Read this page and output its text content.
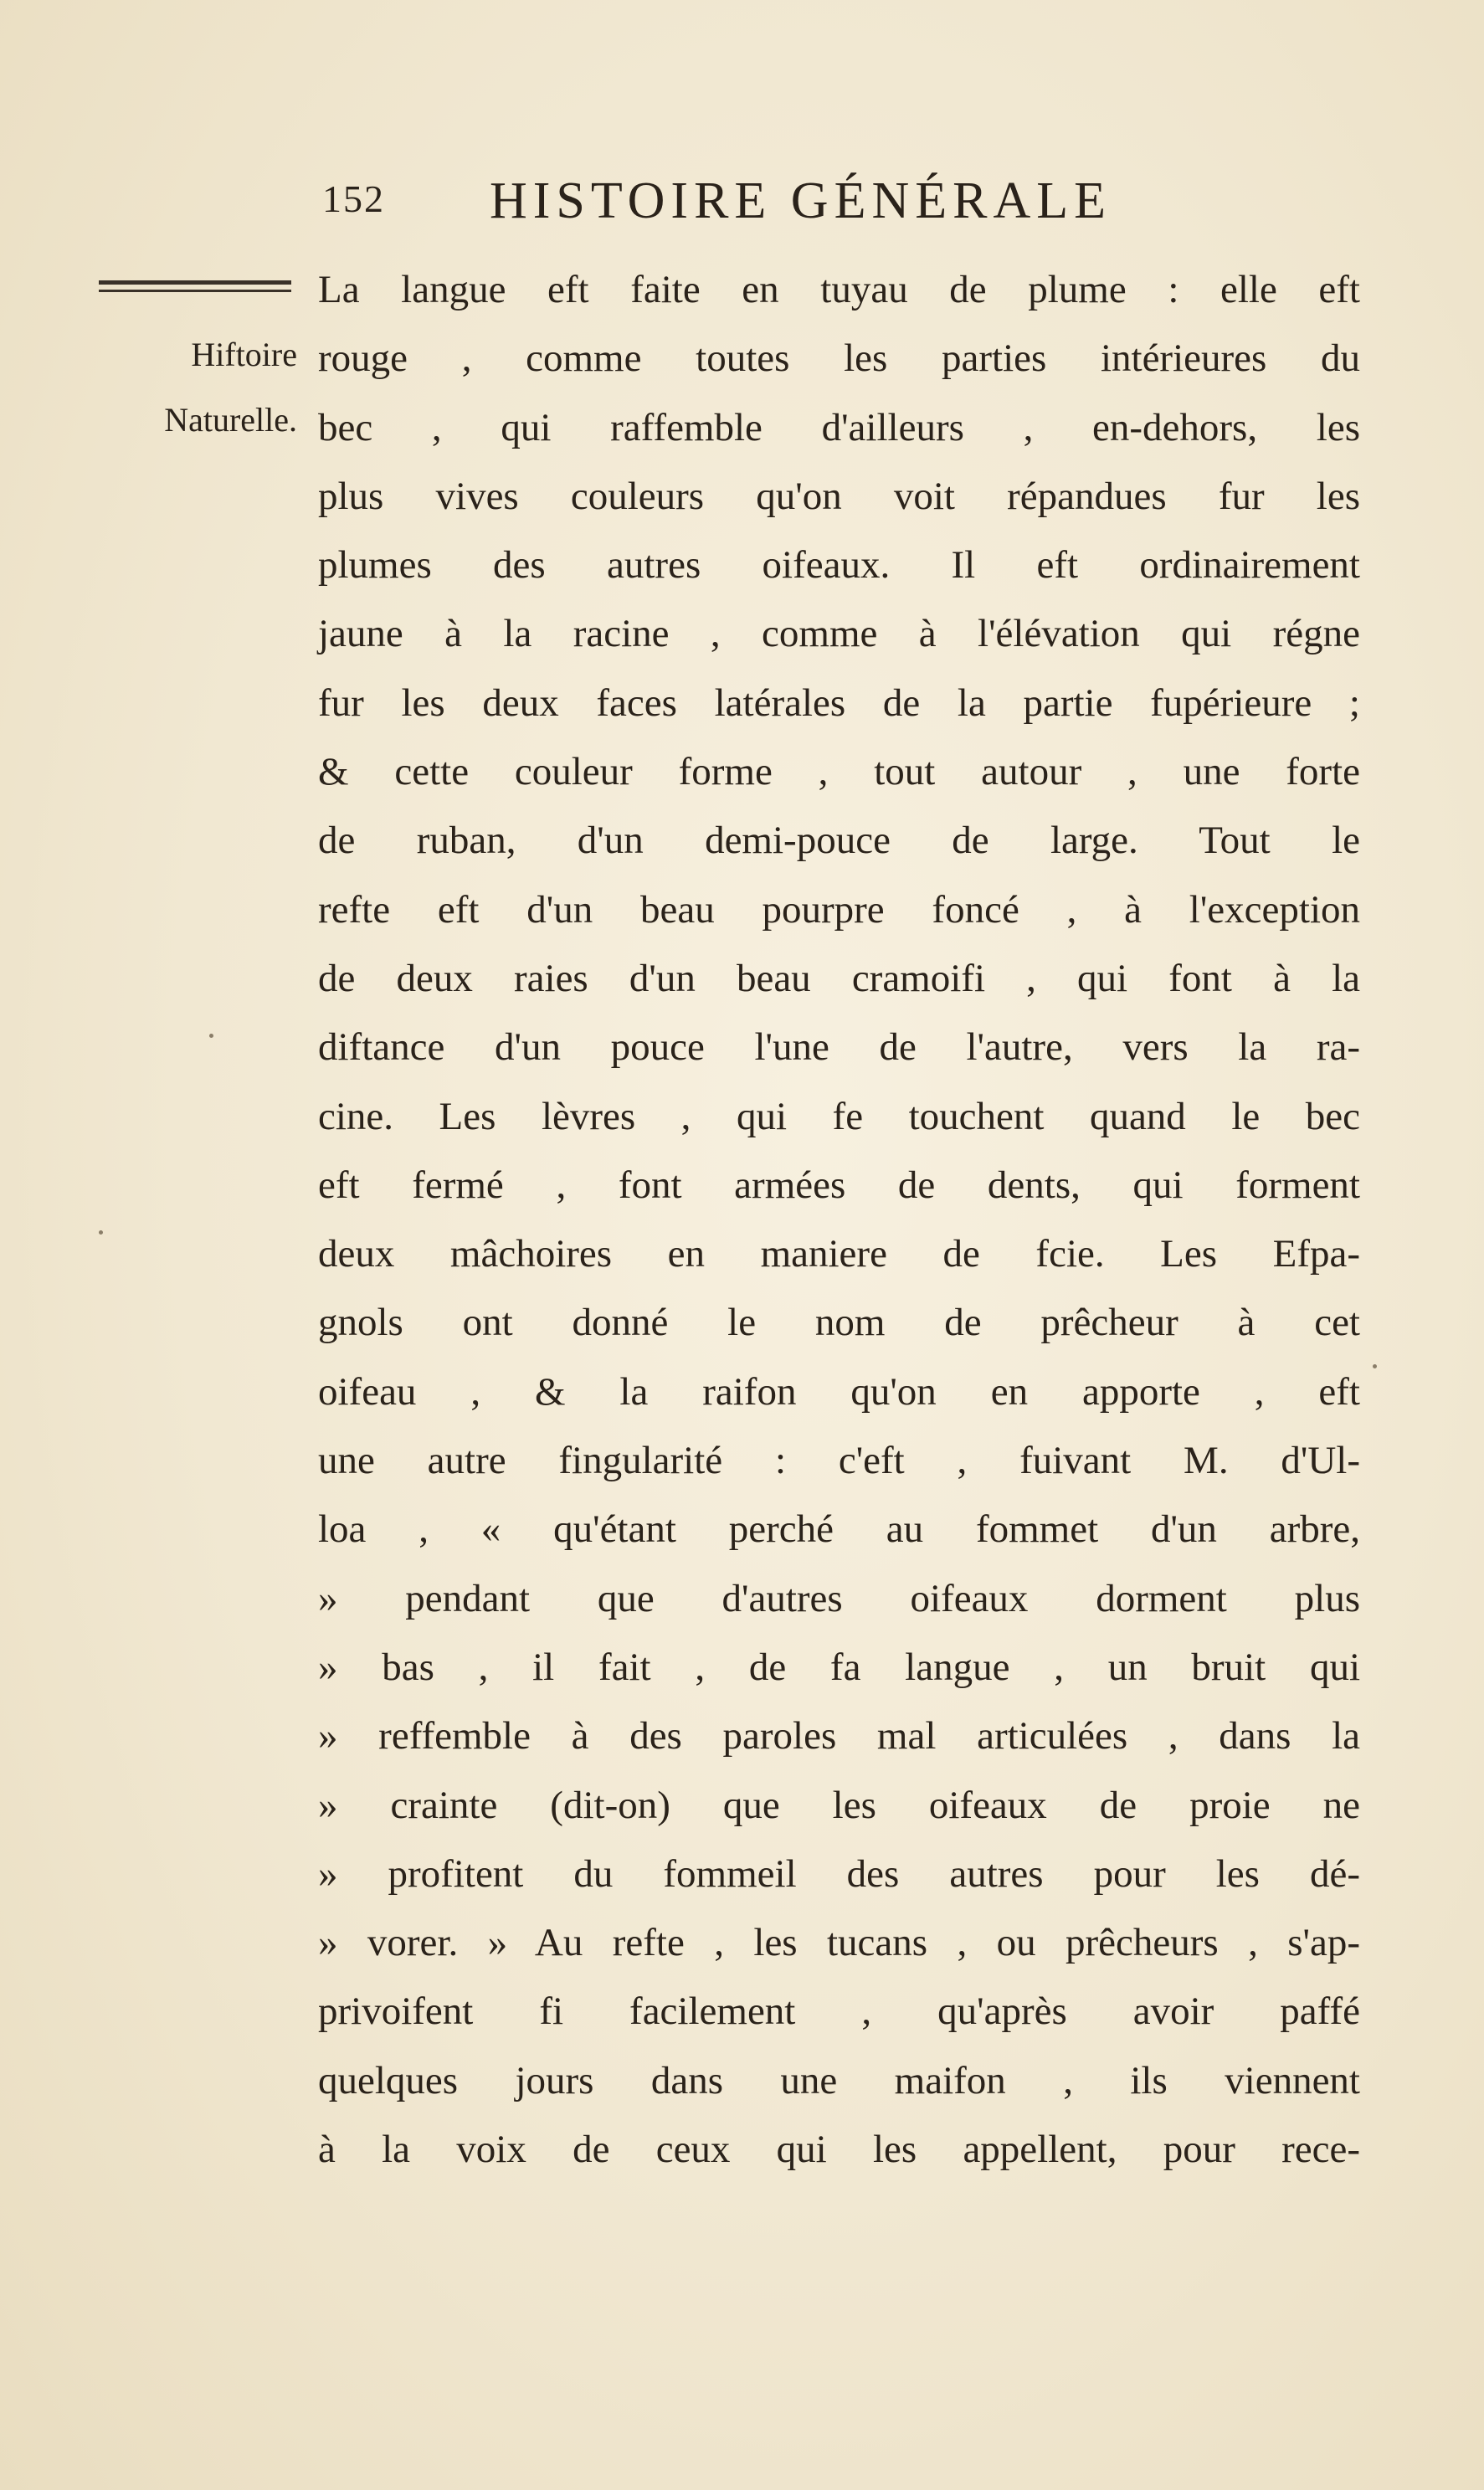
152 HISTOIRE GÉNÉRALE
Hiftoire
Naturelle.
La langue eft faite en tuyau de plume : elle eft
rouge , comme toutes les parties intérieures du
bec , qui raffemble d'ailleurs , en-dehors, les
plus vives couleurs qu'on voit répandues fur les
plumes des autres oifeaux. Il eft ordinairement
jaune à la racine , comme à l'élévation qui régne
fur les deux faces latérales de la partie fupérieure ;
& cette couleur forme , tout autour , une forte
de ruban, d'un demi-pouce de large. Tout le
refte eft d'un beau pourpre foncé , à l'exception
de deux raies d'un beau cramoifi , qui font à la
diftance d'un pouce l'une de l'autre, vers la ra-
cine. Les lèvres , qui fe touchent quand le bec
eft fermé , font armées de dents, qui forment
deux mâchoires en maniere de fcie. Les Efpa-
gnols ont donné le nom de prêcheur à cet
oifeau , & la raifon qu'on en apporte , eft
une autre fingularité : c'eft , fuivant M. d'Ul-
loa , « qu'étant perché au fommet d'un arbre,
» pendant que d'autres oifeaux dorment plus
» bas , il fait , de fa langue , un bruit qui
» reffemble à des paroles mal articulées , dans la
» crainte (dit-on) que les oifeaux de proie ne
» profitent du fommeil des autres pour les dé-
» vorer. » Au refte , les tucans , ou prêcheurs , s'ap-
privoifent fi facilement , qu'après avoir paffé
quelques jours dans une maifon , ils viennent
à la voix de ceux qui les appellent, pour rece-
